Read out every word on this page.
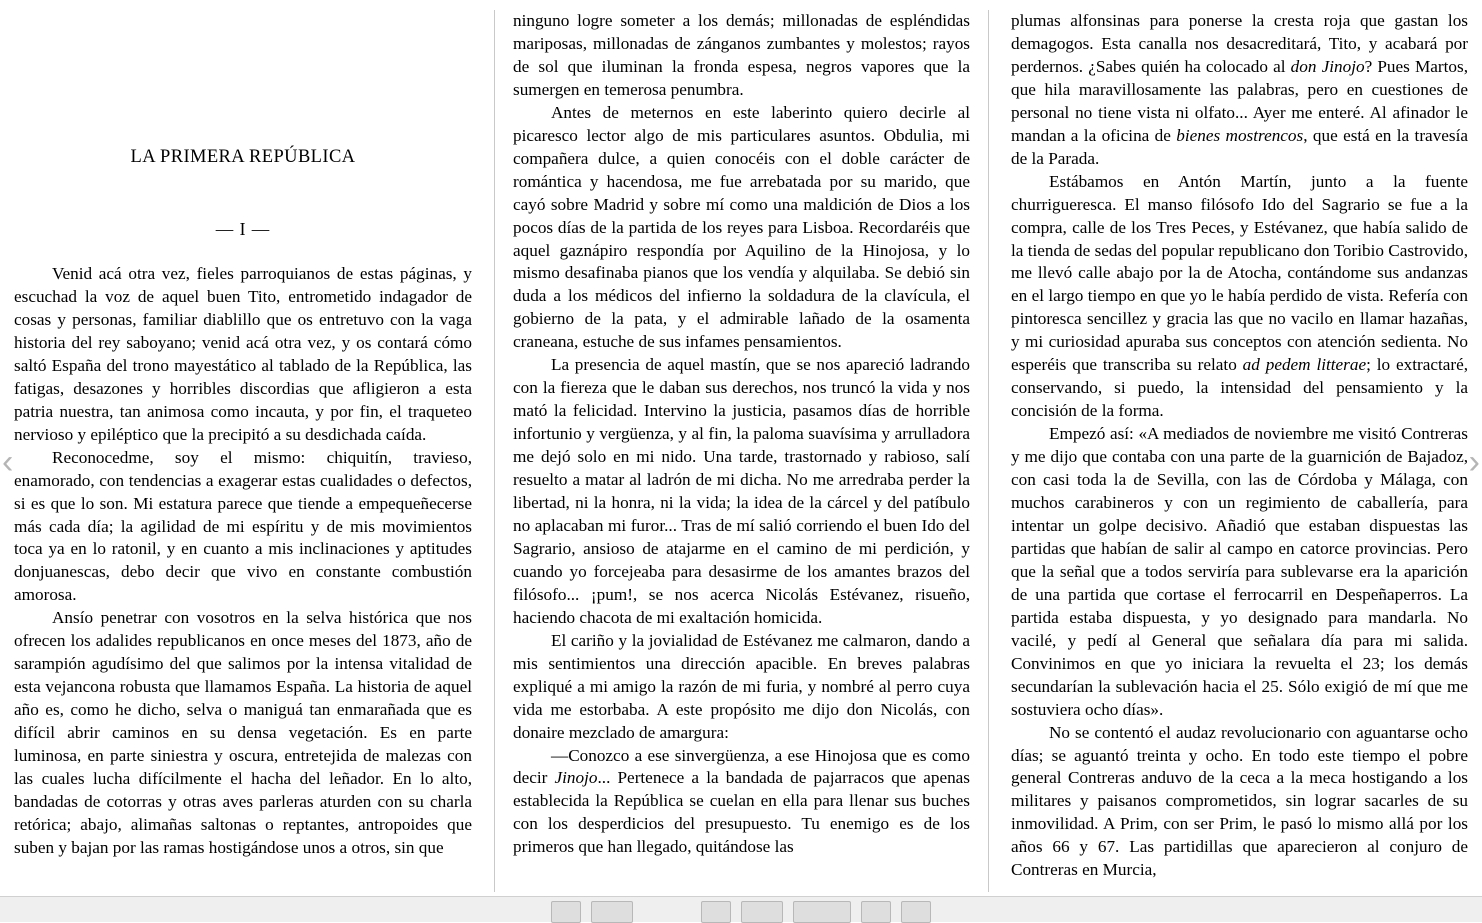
LA PRIMERA REPÚBLICA
— I —

Venid acá otra vez, fieles parroquianos de estas páginas, y escuchad la voz de aquel buen Tito, entrometido indagador de cosas y personas, familiar diablillo que os entretuvo con la vaga historia del rey saboyano; venid acá otra vez, y os contará cómo saltó España del trono mayestático al tablado de la República, las fatigas, desazones y horribles discordias que afligieron a esta patria nuestra, tan animosa como incauta, y por fin, el traqueteo nervioso y epiléptico que la precipitó a su desdichada caída.

Reconocedme, soy el mismo: chiquitín, travieso, enamorado, con tendencias a exagerar estas cualidades o defectos, si es que lo son. Mi estatura parece que tiende a empequeñecerse más cada día; la agilidad de mi espíritu y de mis movimientos toca ya en lo ratonil, y en cuanto a mis inclinaciones y aptitudes donjuanescas, debo decir que vivo en constante combustión amorosa.

Ansío penetrar con vosotros en la selva histórica que nos ofrecen los adalides republicanos en once meses del 1873, año de sarampión agudísimo del que salimos por la intensa vitalidad de esta vejancona robusta que llamamos España. La historia de aquel año es, como he dicho, selva o maniguá tan enmarañada que es difícil abrir caminos en su densa vegetación. Es en parte luminosa, en parte siniestra y oscura, entretejida de malezas con las cuales lucha difícilmente el hacha del leñador. En lo alto, bandadas de cotorras y otras aves parleras aturden con su charla retórica; abajo, alimañas saltonas o reptantes, antropoides que suben y bajan por las ramas hostigándose unos a otros, sin que

ninguno logre someter a los demás; millonadas de espléndidas mariposas, millonadas de zánganos zumbantes y molestos; rayos de sol que iluminan la fronda espesa, negros vapores que la sumergen en temerosa penumbra.

Antes de meternos en este laberinto quiero decirle al picaresco lector algo de mis particulares asuntos. Obdulia, mi compañera dulce, a quien conocéis con el doble carácter de romántica y hacendosa, me fue arrebatada por su marido, que cayó sobre Madrid y sobre mí como una maldición de Dios a los pocos días de la partida de los reyes para Lisboa. Recordaréis que aquel gaznápiro respondía por Aquilino de la Hinojosa, y lo mismo desafinaba pianos que los vendía y alquilaba. Se debió sin duda a los médicos del infierno la soldadura de la clavícula, el gobierno de la pata, y el admirable lañado de la osamenta craneana, estuche de sus infames pensamientos.

La presencia de aquel mastín, que se nos apareció ladrando con la fiereza que le daban sus derechos, nos truncó la vida y nos mató la felicidad. Intervino la justicia, pasamos días de horrible infortunio y vergüenza, y al fin, la paloma suavísima y arrulladora me dejó solo en mi nido. Una tarde, trastornado y rabioso, salí resuelto a matar al ladrón de mi dicha. No me arredraba perder la libertad, ni la honra, ni la vida; la idea de la cárcel y del patíbulo no aplacaban mi furor... Tras de mí salió corriendo el buen Ido del Sagrario, ansioso de atajarme en el camino de mi perdición, y cuando yo forcejeaba para desasirme de los amantes brazos del filósofo... ¡pum!, se nos acerca Nicolás Estévanez, risueño, haciendo chacota de mi exaltación homicida.

El cariño y la jovialidad de Estévanez me calmaron, dando a mis sentimientos una dirección apacible. En breves palabras expliqué a mi amigo la razón de mi furia, y nombré al perro cuya vida me estorbaba. A este propósito me dijo don Nicolás, con donaire mezclado de amargura:

—Conozco a ese sinvergüenza, a ese Hinojosa que es como decir Jinojo... Pertenece a la bandada de pajarracos que apenas establecida la República se cuelan en ella para llenar sus buches con los desperdicios del presupuesto. Tu enemigo es de los primeros que han llegado, quitándose las

plumas alfonsinas para ponerse la cresta roja que gastan los demagogos. Esta canalla nos desacreditará, Tito, y acabará por perdernos. ¿Sabes quién ha colocado al don Jinojo? Pues Martos, que hila maravillosamente las palabras, pero en cuestiones de personal no tiene vista ni olfato... Ayer me enteré. Al afinador le mandan a la oficina de bienes mostrencos, que está en la travesía de la Parada.

Estábamos en Antón Martín, junto a la fuente churrigueresca. El manso filósofo Ido del Sagrario se fue a la compra, calle de los Tres Peces, y Estévanez, que había salido de la tienda de sedas del popular republicano don Toribio Castrovido, me llevó calle abajo por la de Atocha, contándome sus andanzas en el largo tiempo en que yo le había perdido de vista. Refería con pintoresca sencillez y gracia las que no vacilo en llamar hazañas, y mi curiosidad apuraba sus conceptos con atención sedienta. No esperéis que transcriba su relato ad pedem litterae; lo extractaré, conservando, si puedo, la intensidad del pensamiento y la concisión de la forma.

Empezó así: «A mediados de noviembre me visitó Contreras y me dijo que contaba con una parte de la guarnición de Bajadoz, con casi toda la de Sevilla, con las de Córdoba y Málaga, con muchos carabineros y con un regimiento de caballería, para intentar un golpe decisivo. Añadió que estaban dispuestas las partidas que habían de salir al campo en catorce provincias. Pero que la señal que a todos serviría para sublevarse era la aparición de una partida que cortase el ferrocarril en Despeñaperros. La partida estaba dispuesta, y yo designado para mandarla. No vacilé, y pedí al General que señalara día para mi salida. Convinimos en que yo iniciara la revuelta el 23; los demás secundarían la sublevación hacia el 25. Sólo exigió de mí que me sostuviera ocho días».

No se contentó el audaz revolucionario con aguantarse ocho días; se aguantó treinta y ocho. En todo este tiempo el pobre general Contreras anduvo de la ceca a la meca hostigando a los militares y paisanos comprometidos, sin lograr sacarles de su inmovilidad. A Prim, con ser Prim, le pasó lo mismo allá por los años 66 y 67. Las partidillas que aparecieron al conjuro de Contreras en Murcia,

‹	›
